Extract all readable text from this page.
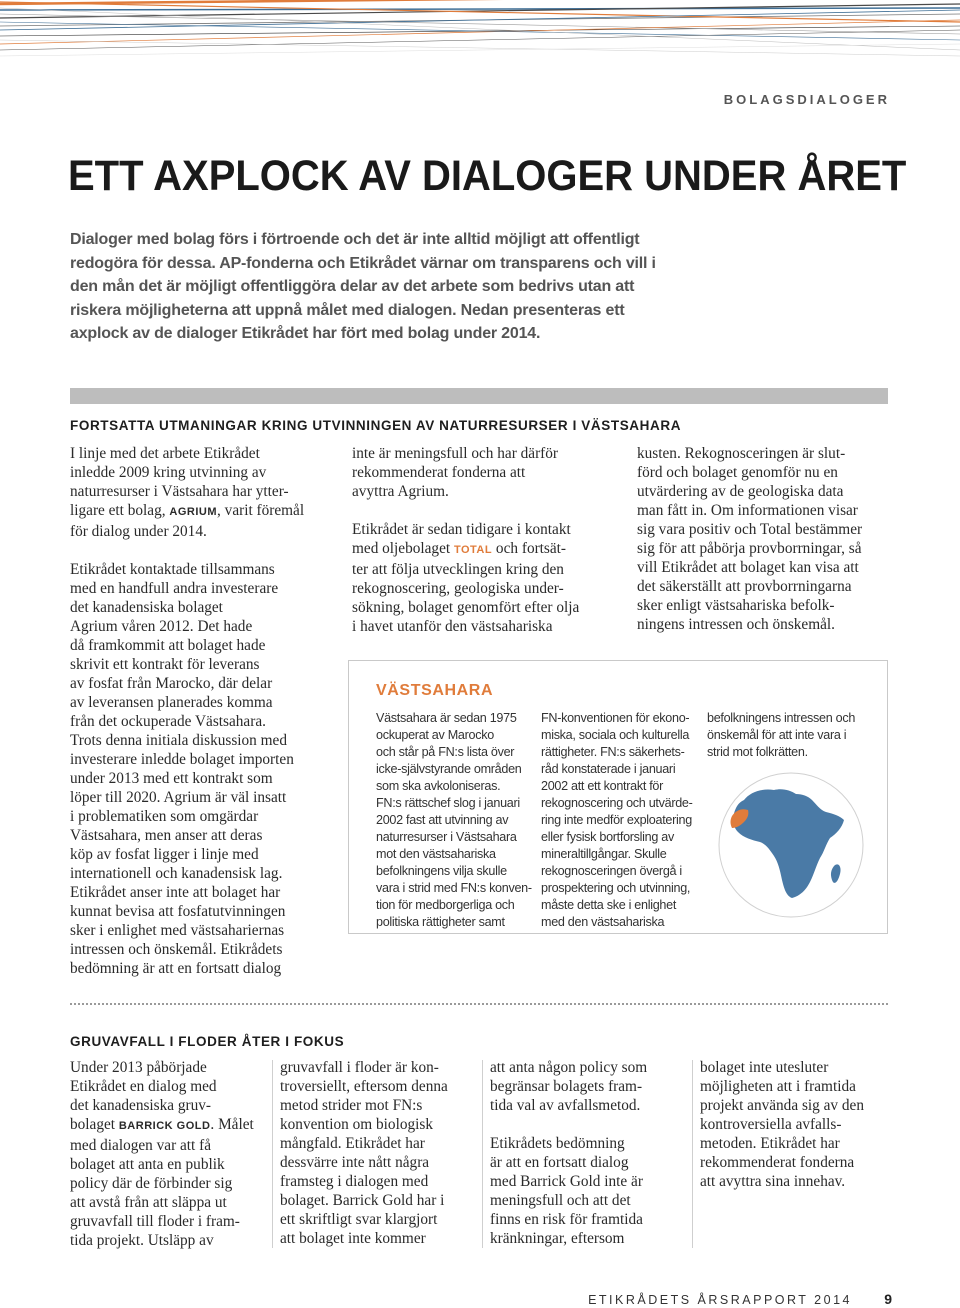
BOLAGSDIALOGER
ETT AXPLOCK AV DIALOGER UNDER ÅRET
Dialoger med bolag förs i förtroende och det är inte alltid möjligt att offentligt redogöra för dessa. AP-fonderna och Etikrådet värnar om transparens och vill i den mån det är möjligt offentliggöra delar av det arbete som bedrivs utan att riskera möjligheterna att uppnå målet med dialogen. Nedan presenteras ett axplock av de dialoger Etikrådet har fört med bolag under 2014.
FORTSATTA UTMANINGAR KRING UTVINNINGEN AV NATURRESURSER I VÄSTSAHARA

I linje med det arbete Etikrådet
inledde 2009 kring utvinning av
naturresurser i Västsahara har ytter-
ligare ett bolag, AGRIUM, varit föremål
för dialog under 2014.

Etikrådet kontaktade tillsammans
med en handfull andra investerare
det kanadensiska bolaget
Agrium våren 2012. Det hade
då framkommit att bolaget hade
skrivit ett kontrakt för leverans
av fosfat från Marocko, där delar
av leveransen planerades komma
från det ockuperade Västsahara.
Trots denna initiala diskussion med
investerare inledde bolaget importen
under 2013 med ett kontrakt som
löper till 2020. Agrium är väl insatt
i problematiken som omgärdar
Västsahara, men anser att deras
köp av fosfat ligger i linje med
internationell och kanadensisk lag.
Etikrådet anser inte att bolaget har
kunnat bevisa att fosfatutvinningen
sker i enlighet med västsahariernas
intressen och önskemål. Etikrådets
bedömning är att en fortsatt dialog

inte är meningsfull och har därför
rekommenderat fonderna att
avyttra Agrium.

Etikrådet är sedan tidigare i kontakt
med oljebolaget TOTAL och fortsät-
ter att följa utvecklingen kring den
rekognoscering, geologiska under-
sökning, bolaget genomfört efter olja
i havet utanför den västsahariska

kusten. Rekognosceringen är slut-
förd och bolaget genomför nu en
utvärdering av de geologiska data
man fått in. Om informationen visar
sig vara positiv och Total bestämmer
sig för att påbörja provborrningar, så
vill Etikrådet att bolaget kan visa att
det säkerställt att provborrningarna
sker enligt västsahariska befolk-
ningens intressen och önskemål.

VÄSTSAHARA
Västsahara är sedan 1975
ockuperat av Marocko
och står på FN:s lista över
icke-självstyrande områden
som ska avkoloniseras.
FN:s rättschef slog i januari
2002 fast att utvinning av
naturresurser i Västsahara
mot den västsahariska
befolkningens vilja skulle
vara i strid med FN:s konven-
tion för medborgerliga och
politiska rättigheter samt
FN-konventionen för ekono-
miska, sociala och kulturella
rättigheter. FN:s säkerhets-
råd konstaterade i januari
2002 att ett kontrakt för
rekognoscering och utvärde-
ring inte medför exploatering
eller fysisk bortforsling av
mineraltillgångar. Skulle
rekognosceringen övergå i
prospektering och utvinning,
måste detta ske i enlighet
med den västsahariska
befolkningens intressen och
önskemål för att inte vara i
strid mot folkrätten.
GRUVAVFALL I FLODER ÅTER I FOKUS

Under 2013 påbörjade
Etikrådet en dialog med
det kanadensiska gruv-
bolaget BARRICK GOLD. Målet
med dialogen var att få
bolaget att anta en publik
policy där de förbinder sig
att avstå från att släppa ut
gruvavfall till floder i fram-
tida projekt. Utsläpp av

gruvavfall i floder är kon-
troversiellt, eftersom denna
metod strider mot FN:s
konvention om biologisk
mångfald. Etikrådet har
dessvärre inte nått några
framsteg i dialogen med
bolaget. Barrick Gold har i
ett skriftligt svar klargjort
att bolaget inte kommer

att anta någon policy som
begränsar bolagets fram-
tida val av avfallsmetod.

Etikrådets bedömning
är att en fortsatt dialog
med Barrick Gold inte är
meningsfull och att det
finns en risk för framtida
kränkningar, eftersom

bolaget inte utesluter
möjligheten att i framtida
projekt använda sig av den
kontroversiella avfalls-
metoden. Etikrådet har
rekommenderat fonderna
att avyttra sina innehav.

ETIKRÅDETS ÅRSRAPPORT 2014 9
